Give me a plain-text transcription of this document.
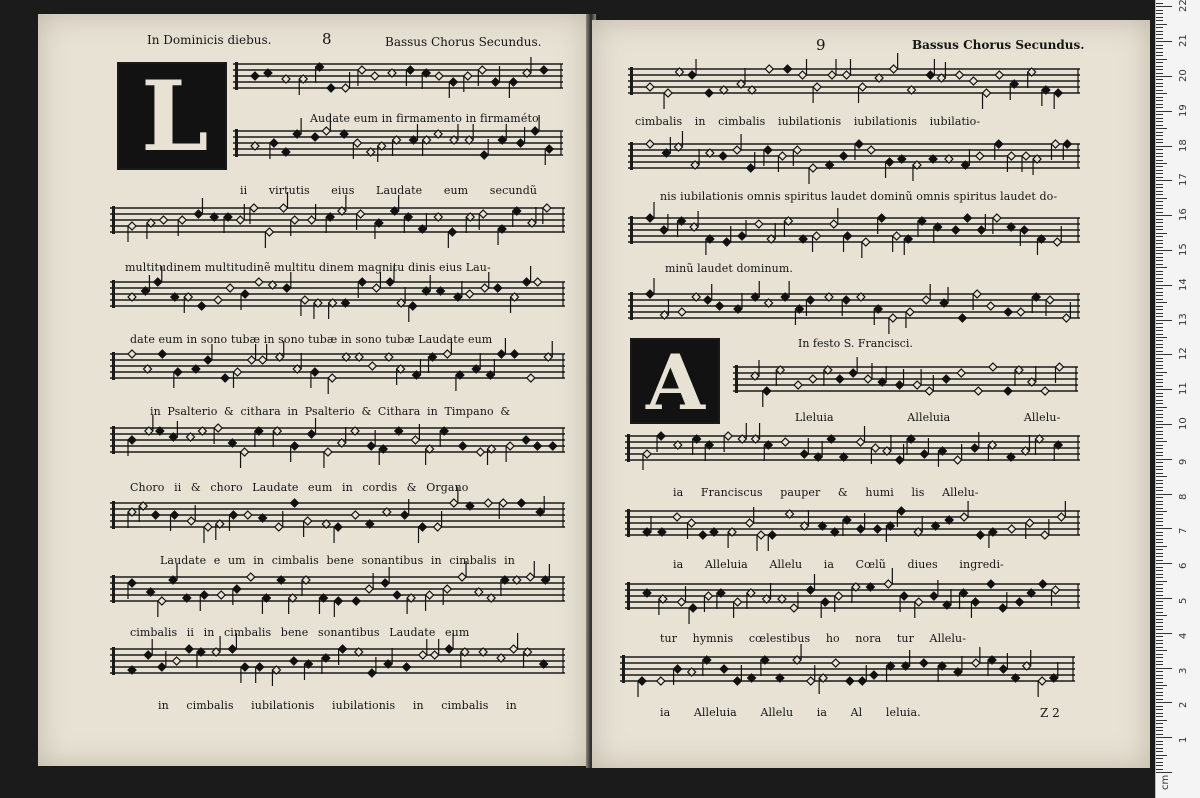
In Dominicis diebus.	8	Bassus Chorus Secundus.
L	Audate eum in firmamento in firmaméto
ii virtutis eius Laudate eum secundũ
multitudinem multitudinẽ multitu dinem magnitu dinis eius Lau-
date eum in sono tubæ in sono tubæ in sono tubæ Laudate eum
in Psalterio & cithara in Psalterio & Cithara in Timpano &
Choro ii & choro Laudate eum in cordis & Organo
Laudate e um in cimbalis bene sonantibus in cimbalis in
cimbalis ii in cimbalis bene sonantibus Laudate eum
in cimbalis iubilationis iubilationis in cimbalis in
9	Bassus Chorus Secundus.
A	In festo S. Francisci.
cimbalis in cimbalis iubilationis iubilationis iubilatio-
nis iubilationis omnis spiritus laudet dominũ omnis spiritus laudet do-
minũ laudet dominum.
Lleluia Alleluia Allelu-
ia Franciscus pauper & humi lis Allelu-
ia Alleluia Allelu ia Cœlũ diues ingredi-
tur hymnis cœlestibus ho nora tur Allelu-
ia Alleluia Allelu ia Al leluia.	Z 2
cm
1
2
3
4
5
6
7
8
9
10
11
12
13
14
15
16
17
18
19
20
21
22
